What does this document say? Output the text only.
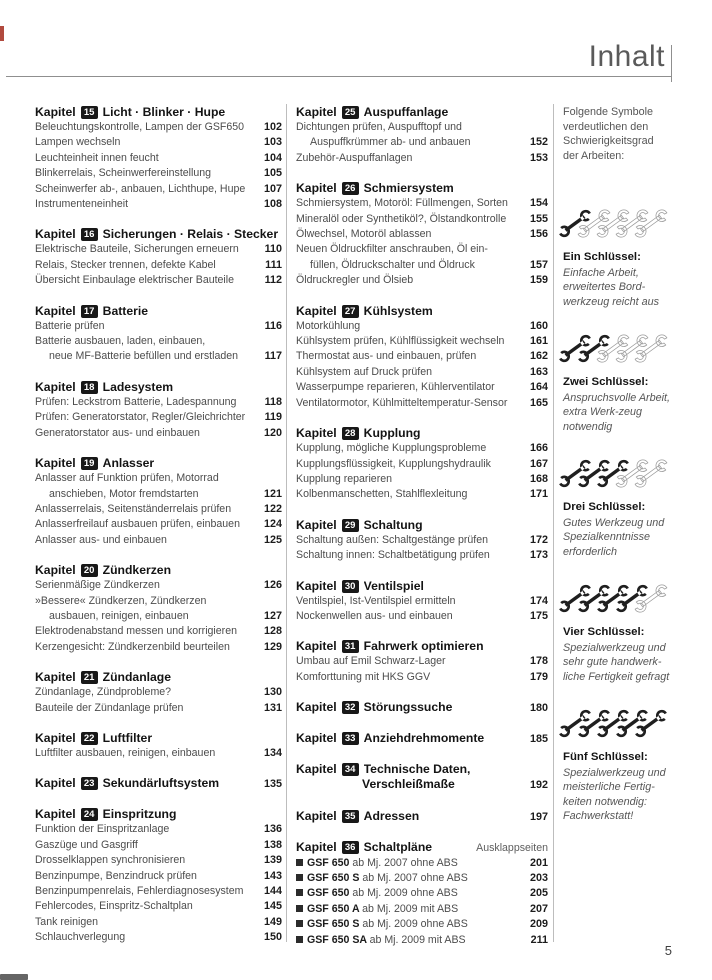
Inhalt
Kapitel 15 Licht · Blinker · Hupe
Beleuchtungskontrolle, Lampen der GSF650	102
Lampen wechseln	103
Leuchteinheit innen feucht	104
Blinkerrelais, Scheinwerfereinstellung	105
Scheinwerfer ab-, anbauen, Lichthupe, Hupe	107
Instrumenteneinheit	108
Kapitel 16 Sicherungen · Relais · Stecker
Elektrische Bauteile, Sicherungen erneuern	110
Relais, Stecker trennen, defekte Kabel	111
Übersicht Einbaulage elektrischer Bauteile	112
Kapitel 17 Batterie
Batterie prüfen	116
Batterie ausbauen, laden, einbauen,
neue MF-Batterie befüllen und erstladen	117
Kapitel 18 Ladesystem
Prüfen: Leckstrom Batterie, Ladespannung	118
Prüfen: Generatorstator, Regler/Gleichrichter	119
Generatorstator aus- und einbauen	120
Kapitel 19 Anlasser
Anlasser auf Funktion prüfen, Motorrad
anschieben, Motor fremdstarten	121
Anlasserrelais, Seitenständerrelais prüfen	122
Anlasserfreilauf ausbauen prüfen, einbauen	124
Anlasser aus- und einbauen	125
Kapitel 20 Zündkerzen
Serienmäßige Zündkerzen	126
»Bessere« Zündkerzen, Zündkerzen
ausbauen, reinigen, einbauen	127
Elektrodenabstand messen und korrigieren	128
Kerzengesicht: Zündkerzenbild beurteilen	129
Kapitel 21 Zündanlage
Zündanlage, Zündprobleme?	130
Bauteile der Zündanlage prüfen	131
Kapitel 22 Luftfilter
Luftfilter ausbauen, reinigen, einbauen	134
Kapitel 23 Sekundärluftsystem	135
Kapitel 24 Einspritzung
Funktion der Einspritzanlage	136
Gaszüge und Gasgriff	138
Drosselklappen synchronisieren	139
Benzinpumpe, Benzindruck prüfen	143
Benzinpumpenrelais, Fehlerdiagnosesystem	144
Fehlercodes, Einspritz-Schaltplan	145
Tank reinigen	149
Schlauchverlegung	150
Kapitel 25 Auspuffanlage
Dichtungen prüfen, Auspufftopf und
Auspuffkrümmer ab- und anbauen	152
Zubehör-Auspuffanlagen	153
Kapitel 26 Schmiersystem
Schmiersystem, Motoröl: Füllmengen, Sorten	154
Mineralöl oder Synthetiköl?, Ölstandkontrolle	155
Ölwechsel, Motoröl ablassen	156
Neuen Öldruckfilter anschrauben, Öl ein-
füllen, Öldruckschalter und Öldruck	157
Öldruckregler und Ölsieb	159
Kapitel 27 Kühlsystem
Motorkühlung	160
Kühlsystem prüfen, Kühlflüssigkeit wechseln	161
Thermostat aus- und einbauen, prüfen	162
Kühlsystem auf Druck prüfen	163
Wasserpumpe reparieren, Kühlerventilator	164
Ventilatormotor, Kühlmitteltemperatur-Sensor	165
Kapitel 28 Kupplung
Kupplung, mögliche Kupplungsprobleme	166
Kupplungsflüssigkeit, Kupplungshydraulik	167
Kupplung reparieren	168
Kolbenmanschetten, Stahlflexleitung	171
Kapitel 29 Schaltung
Schaltung außen: Schaltgestänge prüfen	172
Schaltung innen: Schaltbetätigung prüfen	173
Kapitel 30 Ventilspiel
Ventilspiel, Ist-Ventilspiel ermitteln	174
Nockenwellen aus- und einbauen	175
Kapitel 31 Fahrwerk optimieren
Umbau auf Emil Schwarz-Lager	178
Komforttuning mit HKS GGV	179
Kapitel 32 Störungssuche	180
Kapitel 33 Anziehdrehmomente	185
Kapitel 34 Technische Daten,
Verschleißmaße	192
Kapitel 35 Adressen	197
Kapitel 36 Schaltpläne	Ausklappseiten
GSF 650 ab Mj. 2007 ohne ABS	201
GSF 650 S ab Mj. 2007 ohne ABS	203
GSF 650 ab Mj. 2009 ohne ABS	205
GSF 650 A ab Mj. 2009 mit ABS	207
GSF 650 S ab Mj. 2009 ohne ABS	209
GSF 650 SA ab Mj. 2009 mit ABS	211
Folgende Symbole verdeutlichen den Schwierigkeitsgrad der Arbeiten:
Ein Schlüssel:
Einfache Arbeit, erweitertes Bord-werkzeug reicht aus
Zwei Schlüssel:
Anspruchsvolle Arbeit, extra Werk-zeug notwendig
Drei Schlüssel:
Gutes Werkzeug und Spezialkenntnisse erforderlich
Vier Schlüssel:
Spezialwerkzeug und sehr gute handwerk-liche Fertigkeit gefragt
Fünf Schlüssel:
Spezialwerkzeug und meisterliche Fertig-keiten notwendig: Fachwerkstatt!
5
